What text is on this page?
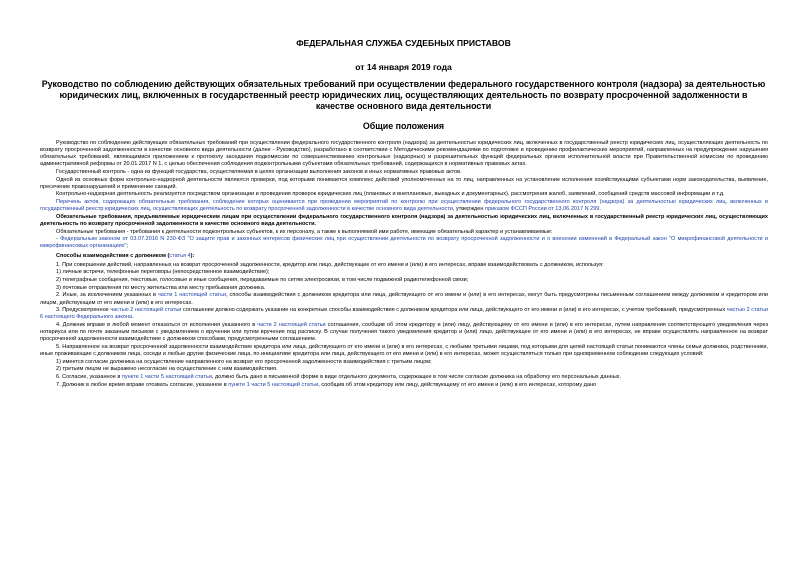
ФЕДЕРАЛЬНАЯ СЛУЖБА СУДЕБНЫХ ПРИСТАВОВ
от 14 января 2019 года
Руководство по соблюдению действующих обязательных требований при осуществлении федерального государственного контроля (надзора) за деятельностью юридических лиц, включенных в государственный реестр юридических лиц, осуществляющих деятельность по возврату просроченной задолженности в качестве основного вида деятельности
Общие положения

Руководство по соблюдению действующих обязательных требований при осуществлении федерального государственного контроля (надзора) за деятельностью юридических лиц, включенных в государственный реестр юридических лиц, осуществляющих деятельность по возврату просроченной задолженности в качестве основного вида деятельности (далее - Руководство), разработано в соответствии с Методическими рекомендациями по подготовке и проведению профилактических мероприятий, направленных на предупреждение нарушения обязательных требований, являющимися приложением к протоколу заседания подкомиссии по совершенствованию контрольных (надзорных) и разрешительных функций федеральных органов исполнительной власти при Правительственной комиссии по проведению административной реформы от 20.01.2017 N 1, с целью обеспечения соблюдения подконтрольными субъектами обязательных требований, содержащихся в нормативных правовых актах.

Государственный контроль - одна из функций государства, осуществляемая в целях организации выполнения законов и иных нормативных правовых актов.

Одной из основных форм контрольно-надзорной деятельности являются проверки, под которыми понимается комплекс действий уполномоченных на то лиц, направленных на установление исполнения хозяйствующими субъектами норм законодательства, выявление, пресечение правонарушений и применение санкций.

Контрольно-надзорная деятельность реализуется посредством организации и проведения проверок юридических лиц (плановых и внеплановых, выездных и документарных), рассмотрения жалоб, заявлений, сообщений средств массовой информации и т.д.

Перечень актов, содержащих обязательные требования, соблюдение которых оценивается при проведении мероприятий по контролю при осуществлении федерального государственного контроля (надзора) за деятельностью юридических лиц, включенных в государственный реестр юридических лиц, осуществляющих деятельность по возврату просроченной задолженности в качестве основного вида деятельности, утвержден приказом ФССП России от 13.06.2017 N 299.

Обязательные требования, предъявляемые юридическим лицам при осуществлении федерального государственного контроля (надзора) за деятельностью юридических лиц, включенных в государственный реестр юридических лиц, осуществляющих деятельность по возврату просроченной задолженности в качестве основного вида деятельности.

Обязательные требования - требования к деятельности подконтрольных субъектов, к их персоналу, а также к выполняемой ими работе, имеющие обязательный характер и устанавливаемые:

- Федеральным законом от 03.07.2016 N 230-ФЗ "О защите прав и законных интересов физических лиц при осуществлении деятельности по возврату просроченной задолженности и о внесении изменений в Федеральный закон "О микрофинансовой деятельности и микрофинансовых организациях";

Способы взаимодействия с должником (статья 4):

1. При совершении действий, направленных на возврат просроченной задолженности, кредитор или лицо, действующее от его имени и (или) в его интересах, вправе взаимодействовать с должником, используя:

1) личные встречи, телефонные переговоры (непосредственное взаимодействие);

2) телеграфные сообщения, текстовые, голосовые и иные сообщения, передаваемые по сетям электросвязи, в том числе подвижной радиотелефонной связи;

3) почтовые отправления по месту жительства или месту пребывания должника.

2. Иные, за исключением указанных в части 1 настоящей статьи, способы взаимодействия с должником кредитора или лица, действующего от его имени и (или) в его интересах, могут быть предусмотрены письменным соглашением между должником и кредитором или лицом, действующим от его имени и (или) в его интересах.

3. Предусмотренное частью 2 настоящей статьи соглашение должно содержать указание на конкретные способы взаимодействия с должником кредитора или лица, действующего от его имени и (или) в его интересах, с учетом требований, предусмотренных частью 2 статьи 6 настоящего Федерального закона.

4. Должник вправе в любой момент отказаться от исполнения указанного в части 2 настоящей статьи соглашения, сообщив об этом кредитору и (или) лицу, действующему от его имени и (или) в его интересах, путем направления соответствующего уведомления через нотариуса или по почте заказным письмом с уведомлением о вручении или путем вручения под расписку. В случае получения такого уведомления кредитор и (или) лицо, действующее от его имени и (или) в его интересах, не вправе осуществлять направленное на возврат просроченной задолженности взаимодействие с должником способами, предусмотренными соглашением.

5. Направленное на возврат просроченной задолженности взаимодействие кредитора или лица, действующего от его имени и (или) в его интересах, с любыми третьими лицами, под которыми для целей настоящей статьи понимаются члены семьи должника, родственники, иные проживающие с должником лица, соседи и любые другие физические лица, по инициативе кредитора или лица, действующего от его имени и (или) в его интересах, может осуществляться только при одновременном соблюдении следующих условий:

1) имеется согласие должника на осуществление направленного на возврат его просроченной задолженности взаимодействия с третьим лицом;

2) третьим лицом не выражено несогласие на осуществление с ним взаимодействия.

6. Согласие, указанное в пункте 1 части 5 настоящей статьи, должно быть дано в письменной форме в виде отдельного документа, содержащее в том числе согласие должника на обработку его персональных данных.

7. Должник в любое время вправе отозвать согласие, указанное в пункте 1 части 5 настоящей статьи, сообщив об этом кредитору или лицу, действующему от его имени и (или) в его интересах, которому дано
